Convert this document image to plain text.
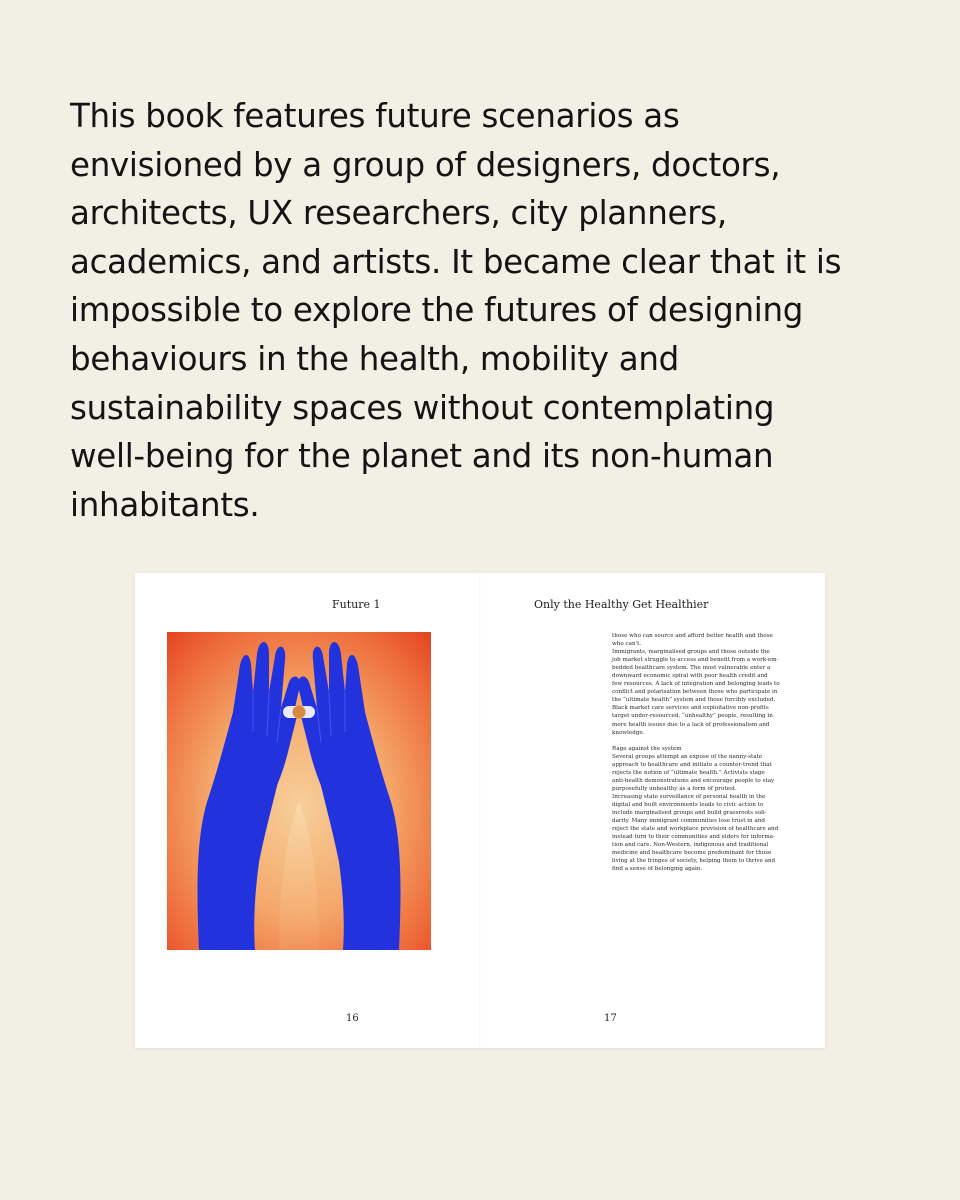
This book features future scenarios as
envisioned by a group of designers, doctors,
architects, UX researchers, city planners,
academics, and artists. It became clear that it is
impossible to explore the futures of designing
behaviours in the health, mobility and
sustainability spaces without contemplating
well-being for the planet and its non-human
inhabitants.
Future 1	Only the Healthy Get Healthier
those who can source and afford better health and those
who can't.
Immigrants, marginalised groups and those outside the
job market struggle to access and benefit from a work-em-
bedded healthcare system. The most vulnerable enter a
downward economic spiral with poor health credit and
few resources. A lack of integration and belonging leads to
conflict and polarisation between those who participate in
the “ultimate health” system and those forcibly excluded.
Black market care services and exploitative non-profits
target under-resourced, “unhealthy” people, resulting in
more health issues due to a lack of professionalism and
knowledge.
Rage against the system
Several groups attempt an expose of the nanny-state
approach to healthcare and initiate a counter-trend that
rejects the notion of “ultimate health.” Activists stage
anti-health demonstrations and encourage people to stay
purposefully unhealthy as a form of protest.
Increasing state surveillance of personal health in the
digital and built environments leads to civic action to
include marginalised groups and build grassroots soli-
darity. Many immigrant communities lose trust in and
reject the state and workplace provision of healthcare and
instead turn to their communities and elders for informa-
tion and care. Non-Western, indigenous and traditional
medicine and healthcare become predominant for those
living at the fringes of society, helping them to thrive and
find a sense of belonging again.
16	17
